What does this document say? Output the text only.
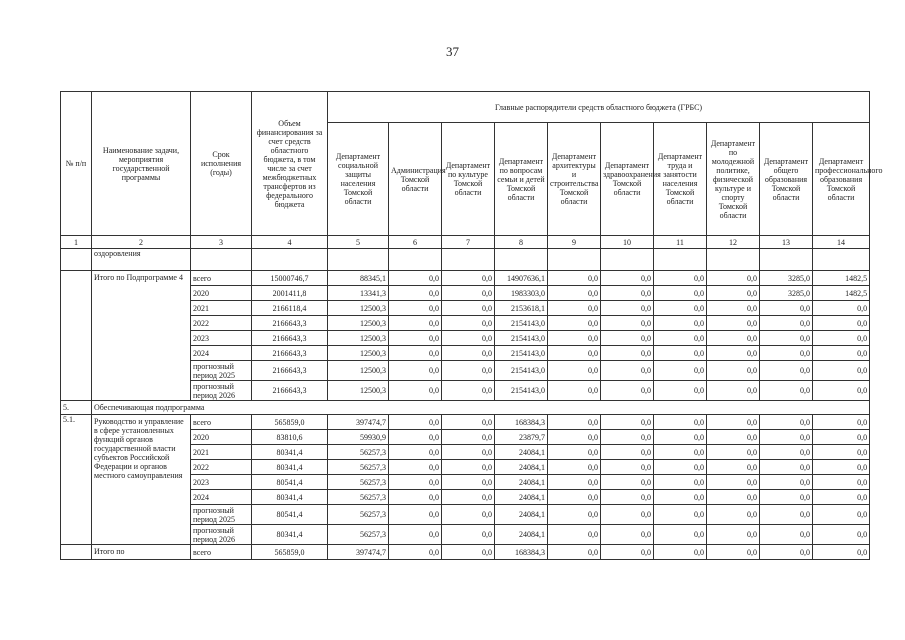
37
№ п/п	Наименование задачи, мероприятия государственной программы	Срок исполнения (годы)	Объем финансирования за счет средств областного бюджета, в том числе за счет межбюджетных трансфертов из федерального бюджета	Главные распорядители средств областного бюджета (ГРБС)									
				Департамент социальной защиты населения Томской области	Администрация Томской области	Департамент по культуре Томской области	Департамент по вопросам семьи и детей Томской области	Департамент архитектуры и строительства Томской области	Департамент здравоохранения Томской области	Департамент труда и занятости населения Томской области	Департамент по молодежной политике, физической культуре и спорту Томской области	Департамент общего образования Томской области	Департамент профессионального образования Томской области
1	2	3	4	5	6	7	8	9	10	11	12	13	14
	оздоровления												
	Итого по Подпрограмме 4	всего	15000746,7	88345,1	0,0	0,0	14907636,1	0,0	0,0	0,0	0,0	3285,0	1482,5
		2020	2001411,8	13341,3	0,0	0,0	1983303,0	0,0	0,0	0,0	0,0	3285,0	1482,5
		2021	2166118,4	12500,3	0,0	0,0	2153618,1	0,0	0,0	0,0	0,0	0,0	0,0
		2022	2166643,3	12500,3	0,0	0,0	2154143,0	0,0	0,0	0,0	0,0	0,0	0,0
		2023	2166643,3	12500,3	0,0	0,0	2154143,0	0,0	0,0	0,0	0,0	0,0	0,0
		2024	2166643,3	12500,3	0,0	0,0	2154143,0	0,0	0,0	0,0	0,0	0,0	0,0
		прогнозный период 2025	2166643,3	12500,3	0,0	0,0	2154143,0	0,0	0,0	0,0	0,0	0,0	0,0
		прогнозный период 2026	2166643,3	12500,3	0,0	0,0	2154143,0	0,0	0,0	0,0	0,0	0,0	0,0
5.	Обеспечивающая подпрограмма												
5.1.	Руководство и управление в сфере установленных функций органов государственной власти субъектов Российской Федерации и органов местного самоуправления	всего	565859,0	397474,7	0,0	0,0	168384,3	0,0	0,0	0,0	0,0	0,0	0,0
		2020	83810,6	59930,9	0,0	0,0	23879,7	0,0	0,0	0,0	0,0	0,0	0,0
		2021	80341,4	56257,3	0,0	0,0	24084,1	0,0	0,0	0,0	0,0	0,0	0,0
		2022	80341,4	56257,3	0,0	0,0	24084,1	0,0	0,0	0,0	0,0	0,0	0,0
		2023	80541,4	56257,3	0,0	0,0	24084,1	0,0	0,0	0,0	0,0	0,0	0,0
		2024	80341,4	56257,3	0,0	0,0	24084,1	0,0	0,0	0,0	0,0	0,0	0,0
		прогнозный период 2025	80541,4	56257,3	0,0	0,0	24084,1	0,0	0,0	0,0	0,0	0,0	0,0
		прогнозный период 2026	80341,4	56257,3	0,0	0,0	24084,1	0,0	0,0	0,0	0,0	0,0	0,0
	Итого по	всего	565859,0	397474,7	0,0	0,0	168384,3	0,0	0,0	0,0	0,0	0,0	0,0
